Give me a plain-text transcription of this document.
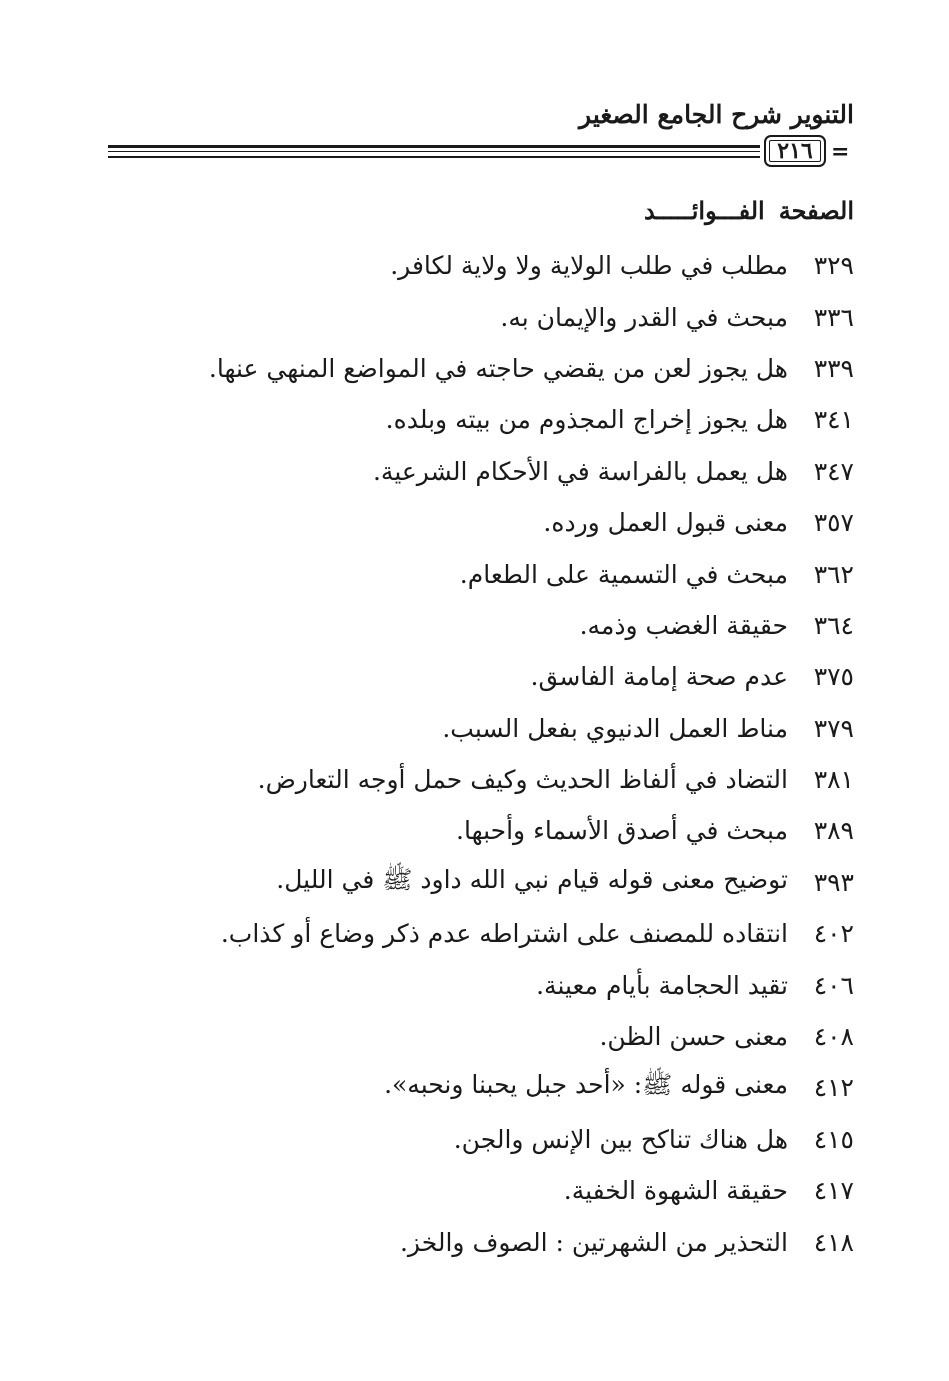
التنوير شرح الجامع الصغير
٢١٦ =
الصفحة
الفـــوائـــــد
٣٢٩
مطلب في طلب الولاية ولا ولاية لكافر.
٣٣٦
مبحث في القدر والإيمان به.
٣٣٩
هل يجوز لعن من يقضي حاجته في المواضع المنهي عنها.
٣٤١
هل يجوز إخراج المجذوم من بيته وبلده.
٣٤٧
هل يعمل بالفراسة في الأحكام الشرعية.
٣٥٧
معنى قبول العمل ورده.
٣٦٢
مبحث في التسمية على الطعام.
٣٦٤
حقيقة الغضب وذمه.
٣٧٥
عدم صحة إمامة الفاسق.
٣٧٩
مناط العمل الدنيوي بفعل السبب.
٣٨١
التضاد في ألفاظ الحديث وكيف حمل أوجه التعارض.
٣٨٩
مبحث في أصدق الأسماء وأحبها.
٣٩٣
توضيح معنى قوله قيام نبي الله داود ﷺ في الليل.
٤٠٢
انتقاده للمصنف على اشتراطه عدم ذكر وضاع أو كذاب.
٤٠٦
تقيد الحجامة بأيام معينة.
٤٠٨
معنى حسن الظن.
٤١٢
معنى قوله ﷺ: «أحد جبل يحبنا ونحبه».
٤١٥
هل هناك تناكح بين الإنس والجن.
٤١٧
حقيقة الشهوة الخفية.
٤١٨
التحذير من الشهرتين : الصوف والخز.
